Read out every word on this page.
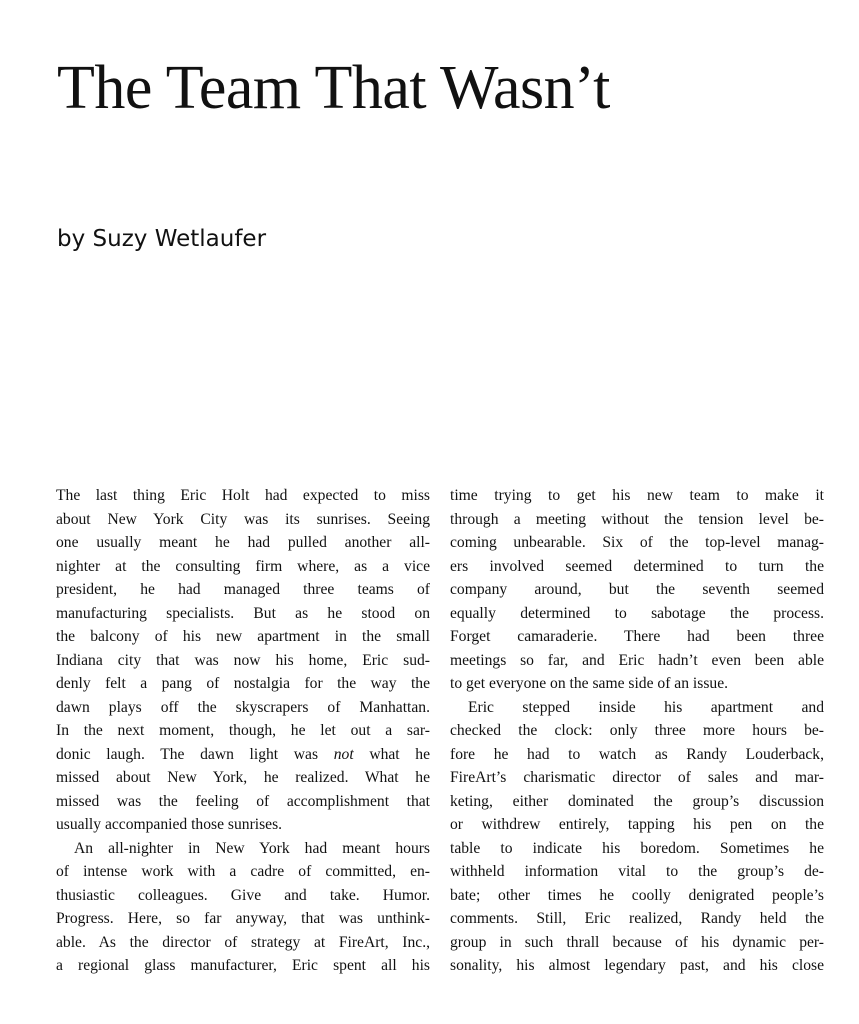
The Team That Wasn’t

by Suzy Wetlaufer

The last thing Eric Holt had expected to miss
about New York City was its sunrises. Seeing
one usually meant he had pulled another all-
nighter at the consulting firm where, as a vice
president, he had managed three teams of
manufacturing specialists. But as he stood on
the balcony of his new apartment in the small
Indiana city that was now his home, Eric sud-
denly felt a pang of nostalgia for the way the
dawn plays off the skyscrapers of Manhattan.
In the next moment, though, he let out a sar-
donic laugh. The dawn light was not what he
missed about New York, he realized. What he
missed was the feeling of accomplishment that
usually accompanied those sunrises.
An all-nighter in New York had meant hours
of intense work with a cadre of committed, en-
thusiastic colleagues. Give and take. Humor.
Progress. Here, so far anyway, that was unthink-
able. As the director of strategy at FireArt, Inc.,
a regional glass manufacturer, Eric spent all his
time trying to get his new team to make it
through a meeting without the tension level be-
coming unbearable. Six of the top-level manag-
ers involved seemed determined to turn the
company around, but the seventh seemed
equally determined to sabotage the process.
Forget camaraderie. There had been three
meetings so far, and Eric hadn’t even been able
to get everyone on the same side of an issue.
Eric stepped inside his apartment and
checked the clock: only three more hours be-
fore he had to watch as Randy Louderback,
FireArt’s charismatic director of sales and mar-
keting, either dominated the group’s discussion
or withdrew entirely, tapping his pen on the
table to indicate his boredom. Sometimes he
withheld information vital to the group’s de-
bate; other times he coolly denigrated people’s
comments. Still, Eric realized, Randy held the
group in such thrall because of his dynamic per-
sonality, his almost legendary past, and his close
